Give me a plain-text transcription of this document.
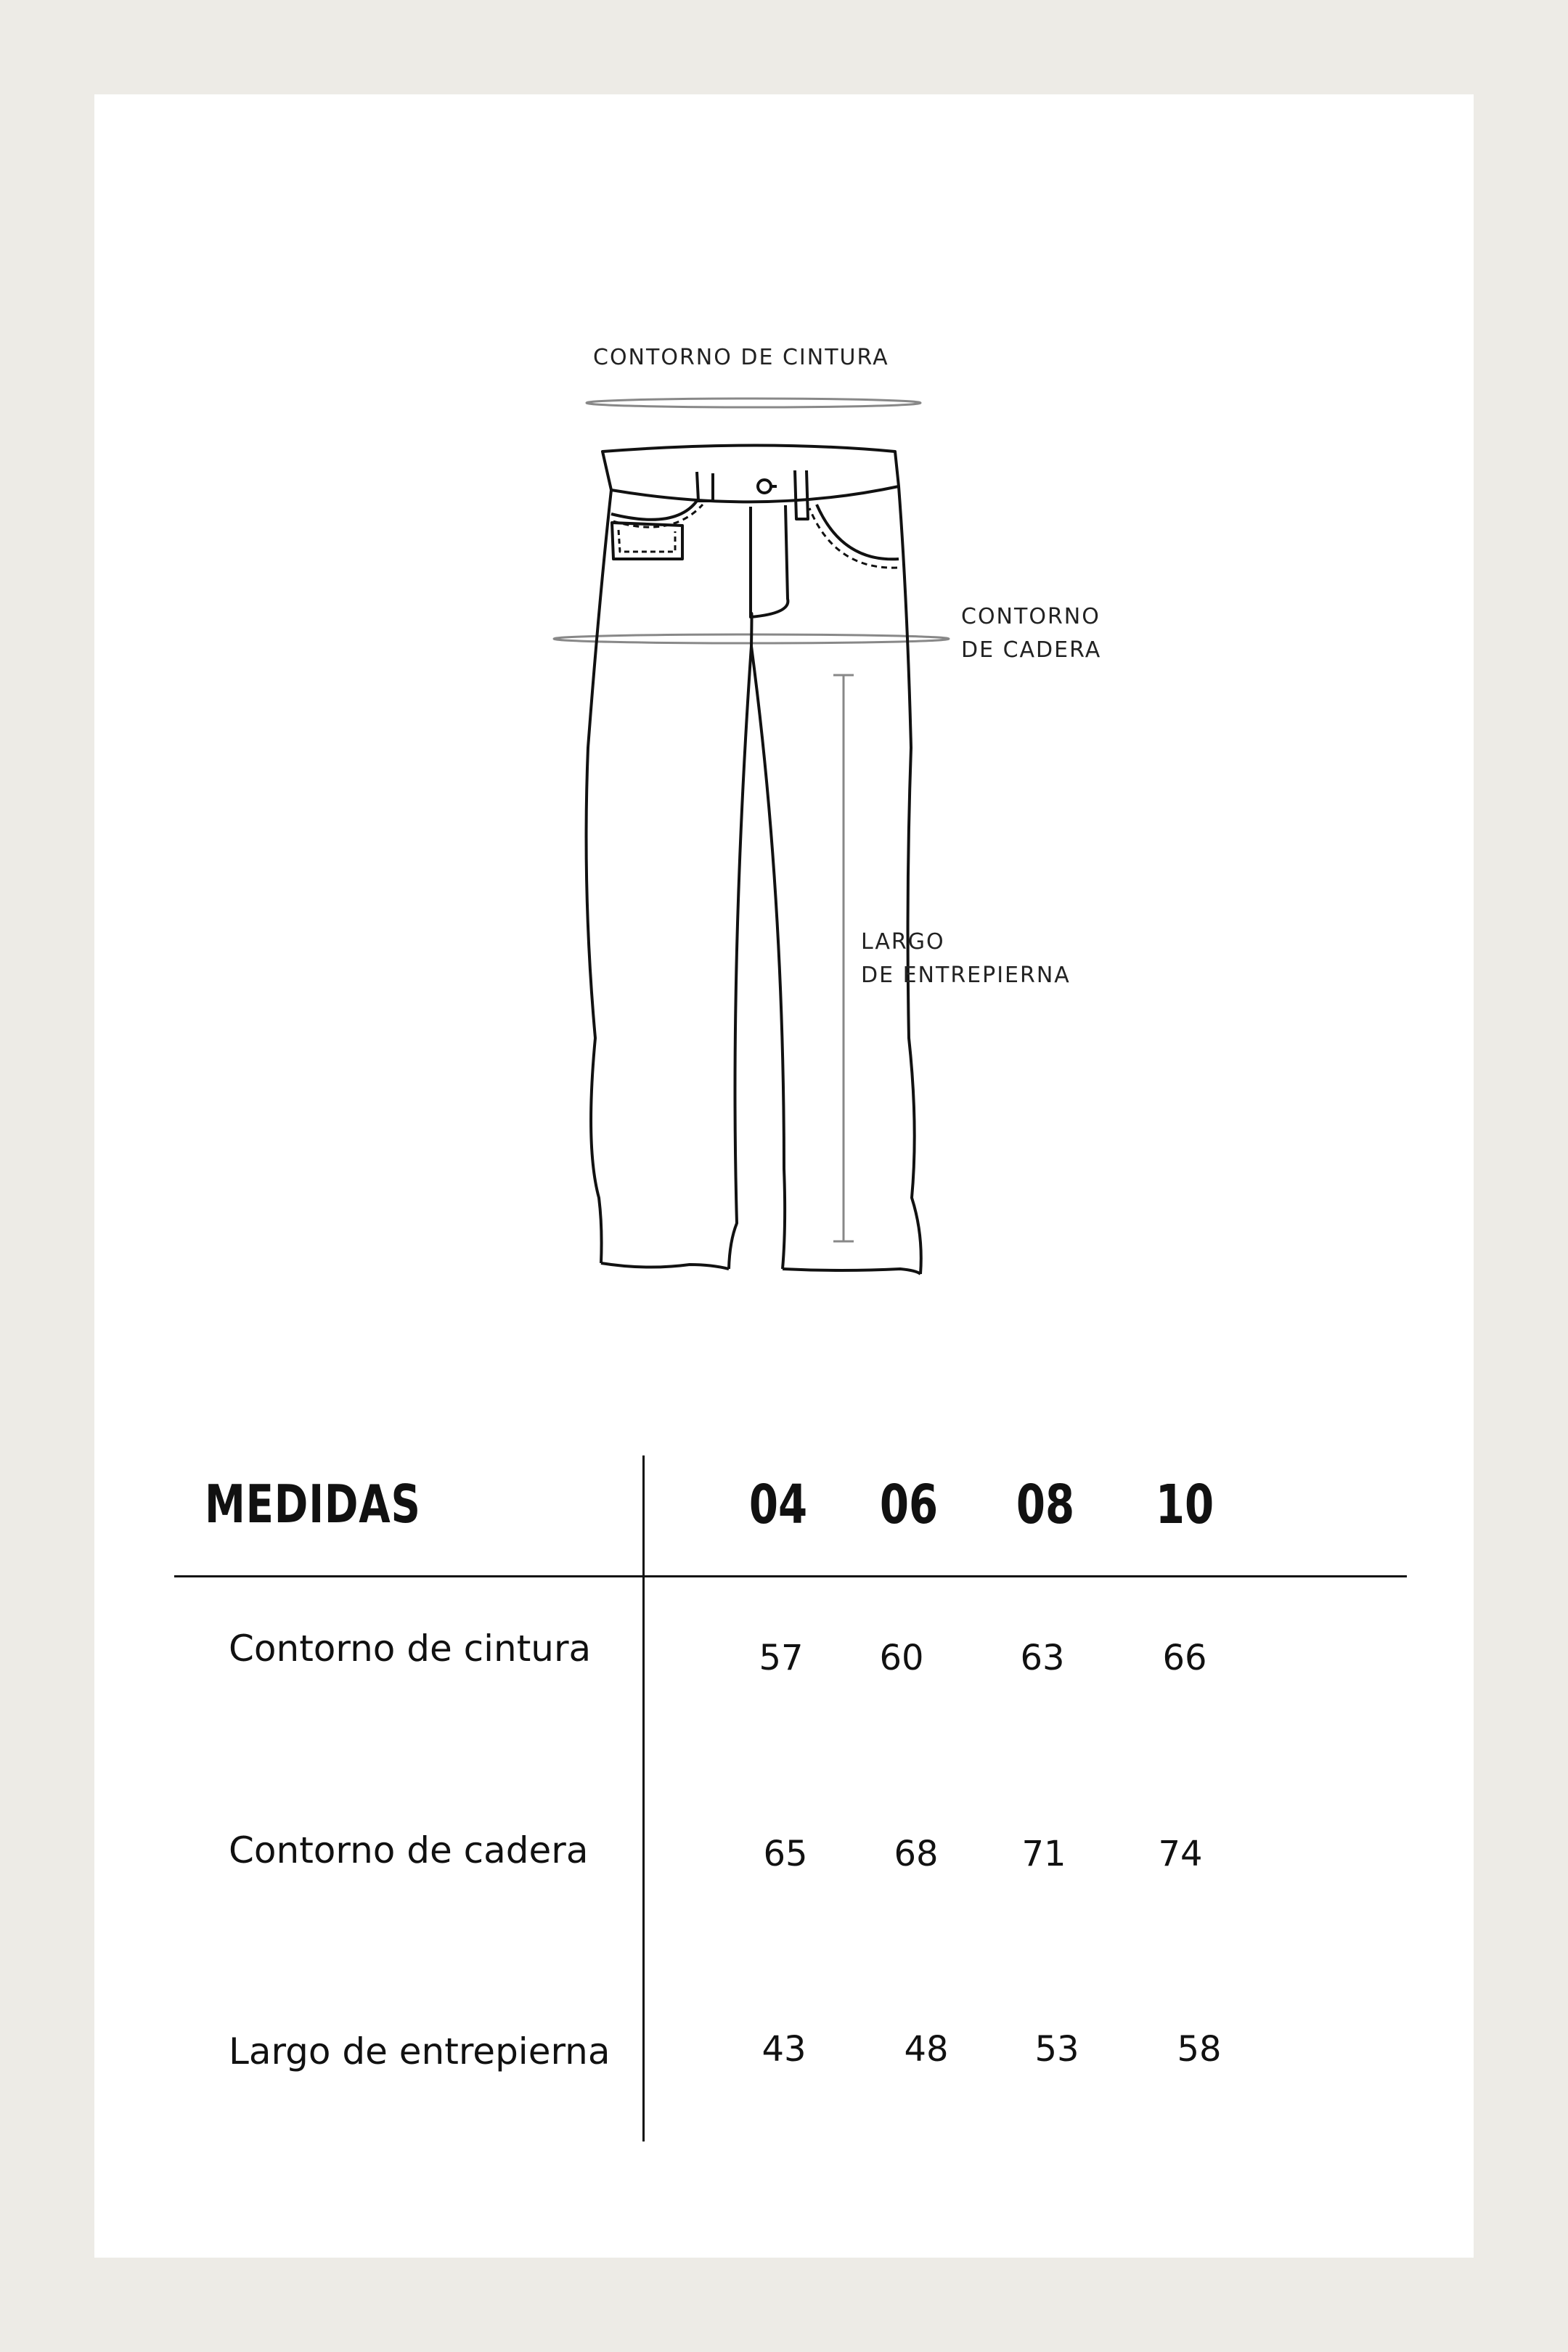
CONTORNO DE CINTURA
CONTORNO
DE CADERA
LARGO
DE ENTREPIERNA
MEDIDAS	04 06 08 10
Contorno de cintura	57	60	63	66
Contorno de cadera	65	68	71	74
Largo de entrepierna	43	48	53	58
